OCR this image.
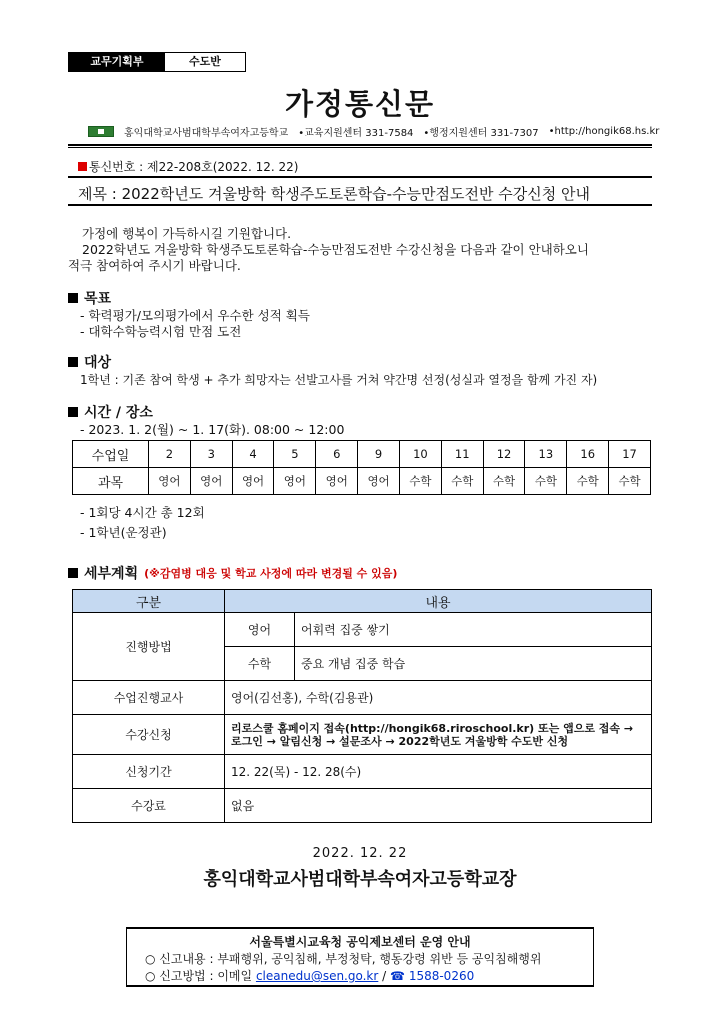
교무기획부	수도반
가정통신문
홍익대학교사범대학부속여자고등학교 •교육지원센터 331-7584 •행정지원센터 331-7307 •http://hongik68.hs.kr
통신번호 : 제22-208호(2022. 12. 22)
제목 : 2022학년도 겨울방학 학생주도토론학습-수능만점도전반 수강신청 안내

가정에 행복이 가득하시길 기원합니다.

2022학년도 겨울방학 학생주도토론학습-수능만점도전반 수강신청을 다음과 같이 안내하오니

적극 참여하여 주시기 바랍니다.

목표
- 학력평가/모의평가에서 우수한 성적 획득
- 대학수학능력시험 만점 도전
대상
1학년 : 기존 참여 학생 + 추가 희망자는 선발고사를 거쳐 약간명 선정(성실과 열정을 함께 가진 자)
시간 / 장소
- 2023. 1. 2(월) ~ 1. 17(화). 08:00 ~ 12:00
수업일	2	3	4	5	6	9	10	11	12	13	16	17
과목	영어	영어	영어	영어	영어	영어	수학	수학	수학	수학	수학	수학
- 1회당 4시간 총 12회
- 1학년(운정관)
세부계획 (※감염병 대응 및 학교 사정에 따라 변경될 수 있음)
구분	내용	
진행방법	영어	어휘력 집중 쌓기
	수학	중요 개념 집중 학습
수업진행교사	영어(김선홍), 수학(김용관)	
수강신청	리로스쿨 홈페이지 접속(http://hongik68.riroschool.kr) 또는 앱으로 접속 →
로그인 → 알림신청 → 설문조사 → 2022학년도 겨울방학 수도반 신청	

신청기간	12. 22(목) - 12. 28(수)	
수강료	없음	
2022. 12. 22
홍익대학교사범대학부속여자고등학교장
서울특별시교육청 공익제보센터 운영 안내
○ 신고내용 : 부패행위, 공익침해, 부정청탁, 행동강령 위반 등 공익침해행위
○ 신고방법 : 이메일 cleanedu@sen.go.kr / ☎ 1588-0260
